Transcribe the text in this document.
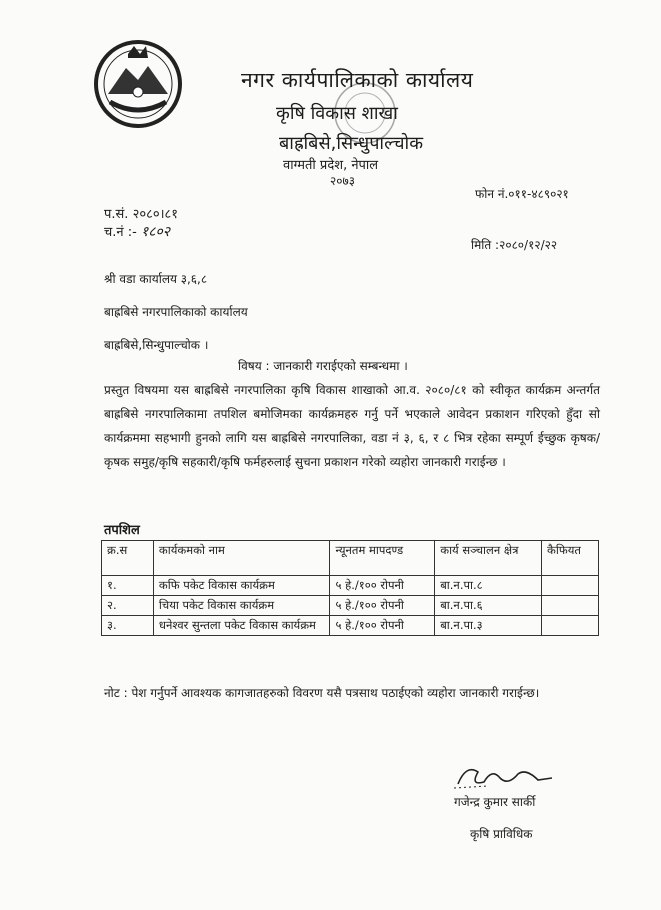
नगर कार्यपालिकाको कार्यालय
कृषि विकास शाखा
बाह्रबिसे,सिन्धुपाल्चोक
वाग्मती प्रदेश, नेपाल
२०७३
फोन नं.०११-४८९०२१
प.सं. २०८०।८१
च.नं :- १८०२
मिति :२०८०/१२/२२
श्री वडा कार्यालय ३,६,८
बाह्रबिसे नगरपालिकाको कार्यालय
बाह्रबिसे,सिन्धुपाल्चोक ।
विषय : जानकारी गराईएको सम्बन्धमा ।
प्रस्तुत विषयमा यस बाह्रबिसे नगरपालिका कृषि विकास शाखाको आ.व. २०८०/८१ को स्वीकृत कार्यक्रम अन्तर्गत बाह्रबिसे नगरपालिकामा तपशिल बमोजिमका कार्यक्रमहरु गर्नु पर्ने भएकाले आवेदन प्रकाशन गरिएको हुँदा सो कार्यक्रममा सहभागी हुनको लागि यस बाह्रबिसे नगरपालिका, वडा नं ३, ६, र ८ भित्र रहेका सम्पूर्ण ईच्छुक कृषक/कृषक समुह/कृषि सहकारी/कृषि फर्महरुलाई सुचना प्रकाशन गरेको व्यहोरा जानकारी गराईन्छ ।
तपशिल
क्र.स	कार्यकमको नाम	न्यूनतम मापदण्ड	कार्य सञ्चालन क्षेत्र	कैफियत
१.	कफि पकेट विकास कार्यक्रम	५ हे./१०० रोपनी	बा.न.पा.८	
२.	चिया पकेट विकास कार्यक्रम	५ हे./१०० रोपनी	बा.न.पा.६	
३.	धनेश्वर सुन्तला पकेट विकास कार्यक्रम	५ हे./१०० रोपनी	बा.न.पा.३	
नोट : पेश गर्नुपर्ने आवश्यक कागजातहरुको विवरण यसै पत्रसाथ पठाईएको व्यहोरा जानकारी गराईन्छ।
गजेन्द्र कुमार सार्की
कृषि प्राविधिक
